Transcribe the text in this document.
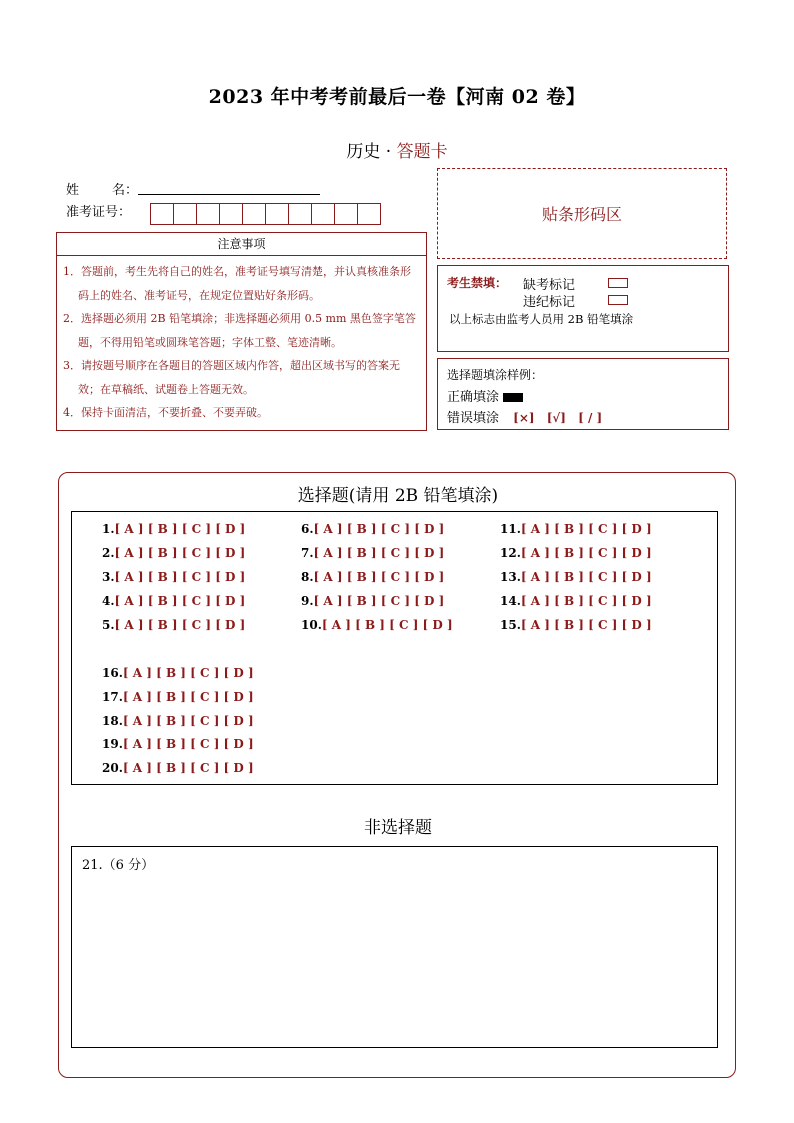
2023 年中考考前最后一卷【河南 02 卷】
历史 · 答题卡
姓        名：
准考证号：	贴条形码区
注意事项
1．答题前，考生先将自己的姓名，准考证号填写清楚，并认真核准条形码上的姓名、准考证号，在规定位置贴好条形码。
2．选择题必须用 2B 铅笔填涂；非选择题必须用 0.5 mm 黑色签字笔答题，不得用铅笔或圆珠笔答题；字体工整、笔迹清晰。
3．请按题号顺序在各题目的答题区域内作答，超出区域书写的答案无效；在草稿纸、试题卷上答题无效。
4．保持卡面清洁，不要折叠、不要弄破。
考生禁填： 缺考标记
违纪标记
以上标志由监考人员用 2B 铅笔填涂
选择题填涂样例：
正确填涂
错误填涂 [×] [√] [ / ]
选择题(请用 2B 铅笔填涂)
1.[ A ] [ B ] [ C ] [ D ]
2.[ A ] [ B ] [ C ] [ D ]
3.[ A ] [ B ] [ C ] [ D ]
4.[ A ] [ B ] [ C ] [ D ]
5.[ A ] [ B ] [ C ] [ D ]
6.[ A ] [ B ] [ C ] [ D ]
7.[ A ] [ B ] [ C ] [ D ]
8.[ A ] [ B ] [ C ] [ D ]
9.[ A ] [ B ] [ C ] [ D ]
10.[ A ] [ B ] [ C ] [ D ]
11.[ A ] [ B ] [ C ] [ D ]
12.[ A ] [ B ] [ C ] [ D ]
13.[ A ] [ B ] [ C ] [ D ]
14.[ A ] [ B ] [ C ] [ D ]
15.[ A ] [ B ] [ C ] [ D ]
16.[ A ] [ B ] [ C ] [ D ]
17.[ A ] [ B ] [ C ] [ D ]
18.[ A ] [ B ] [ C ] [ D ]
19.[ A ] [ B ] [ C ] [ D ]
20.[ A ] [ B ] [ C ] [ D ]
非选择题
21.（6 分）
